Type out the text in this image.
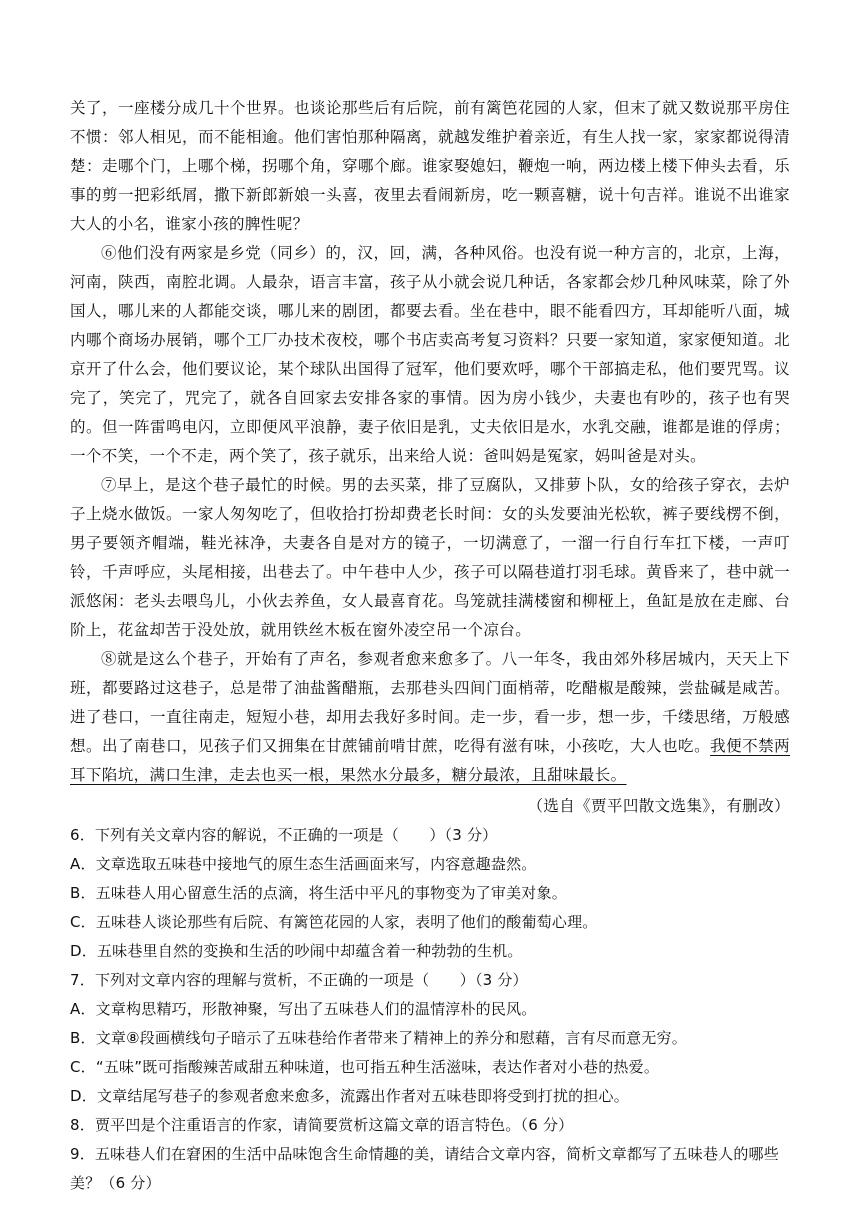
关了，一座楼分成几十个世界。也谈论那些后有后院，前有篱笆花园的人家，但末了就又数说那平房住不惯：邻人相见，而不能相逾。他们害怕那种隔离，就越发维护着亲近，有生人找一家，家家都说得清楚：走哪个门，上哪个梯，拐哪个角，穿哪个廊。谁家娶媳妇，鞭炮一响，两边楼上楼下伸头去看，乐事的剪一把彩纸屑，撒下新郎新娘一头喜，夜里去看闹新房，吃一颗喜糖，说十句吉祥。谁说不出谁家大人的小名，谁家小孩的脾性呢？

⑥他们没有两家是乡党（同乡）的，汉，回，满，各种风俗。也没有说一种方言的，北京，上海，河南，陕西，南腔北调。人最杂，语言丰富，孩子从小就会说几种话，各家都会炒几种风味菜，除了外国人，哪儿来的人都能交谈，哪儿来的剧团，都要去看。坐在巷中，眼不能看四方，耳却能听八面，城内哪个商场办展销，哪个工厂办技术夜校，哪个书店卖高考复习资料？只要一家知道，家家便知道。北京开了什么会，他们要议论，某个球队出国得了冠军，他们要欢呼，哪个干部搞走私，他们要咒骂。议完了，笑完了，咒完了，就各自回家去安排各家的事情。因为房小钱少，夫妻也有吵的，孩子也有哭的。但一阵雷鸣电闪，立即便风平浪静，妻子依旧是乳，丈夫依旧是水，水乳交融，谁都是谁的俘虏；一个不笑，一个不走，两个笑了，孩子就乐，出来给人说：爸叫妈是冤家，妈叫爸是对头。

⑦早上，是这个巷子最忙的时候。男的去买菜，排了豆腐队，又排萝卜队，女的给孩子穿衣，去炉子上烧水做饭。一家人匆匆吃了，但收拾打扮却费老长时间：女的头发要油光松软，裤子要线楞不倒，男子要领齐帽端，鞋光袜净，夫妻各自是对方的镜子，一切满意了，一溜一行自行车扛下楼，一声叮铃，千声呼应，头尾相接，出巷去了。中午巷中人少，孩子可以隔巷道打羽毛球。黄昏来了，巷中就一派悠闲：老头去喂鸟儿，小伙去养鱼，女人最喜育花。鸟笼就挂满楼窗和柳桠上，鱼缸是放在走廊、台阶上，花盆却苦于没处放，就用铁丝木板在窗外凌空吊一个凉台。

⑧就是这么个巷子，开始有了声名，参观者愈来愈多了。八一年冬，我由郊外移居城内，天天上下班，都要路过这巷子，总是带了油盐酱醋瓶，去那巷头四间门面梢蒂，吃醋椒是酸辣，尝盐碱是咸苦。进了巷口，一直往南走，短短小巷，却用去我好多时间。走一步，看一步，想一步，千缕思绪，万般感想。出了南巷口，见孩子们又拥集在甘蔗铺前啃甘蔗，吃得有滋有味，小孩吃，大人也吃。我便不禁两耳下陷坑，满口生津，走去也买一根，果然水分最多，糖分最浓，且甜味最长。

（选自《贾平凹散文选集》，有删改）

6．下列有关文章内容的解说，不正确的一项是（　　）（3 分）

A．文章选取五味巷中接地气的原生态生活画面来写，内容意趣盎然。

B．五味巷人用心留意生活的点滴，将生活中平凡的事物变为了审美对象。

C．五味巷人谈论那些有后院、有篱笆花园的人家，表明了他们的酸葡萄心理。

D．五味巷里自然的变换和生活的吵闹中却蕴含着一种勃勃的生机。

7．下列对文章内容的理解与赏析，不正确的一项是（　　）（3 分）

A．文章构思精巧，形散神聚，写出了五味巷人们的温情淳朴的民风。

B．文章⑧段画横线句子暗示了五味巷给作者带来了精神上的养分和慰藉，言有尽而意无穷。

C．“五味”既可指酸辣苦咸甜五种味道，也可指五种生活滋味，表达作者对小巷的热爱。

D．文章结尾写巷子的参观者愈来愈多，流露出作者对五味巷即将受到打扰的担心。

8．贾平凹是个注重语言的作家，请简要赏析这篇文章的语言特色。（6 分）

9．五味巷人们在窘困的生活中品味饱含生命情趣的美，请结合文章内容，简析文章都写了五味巷人的哪些美？（6 分）
